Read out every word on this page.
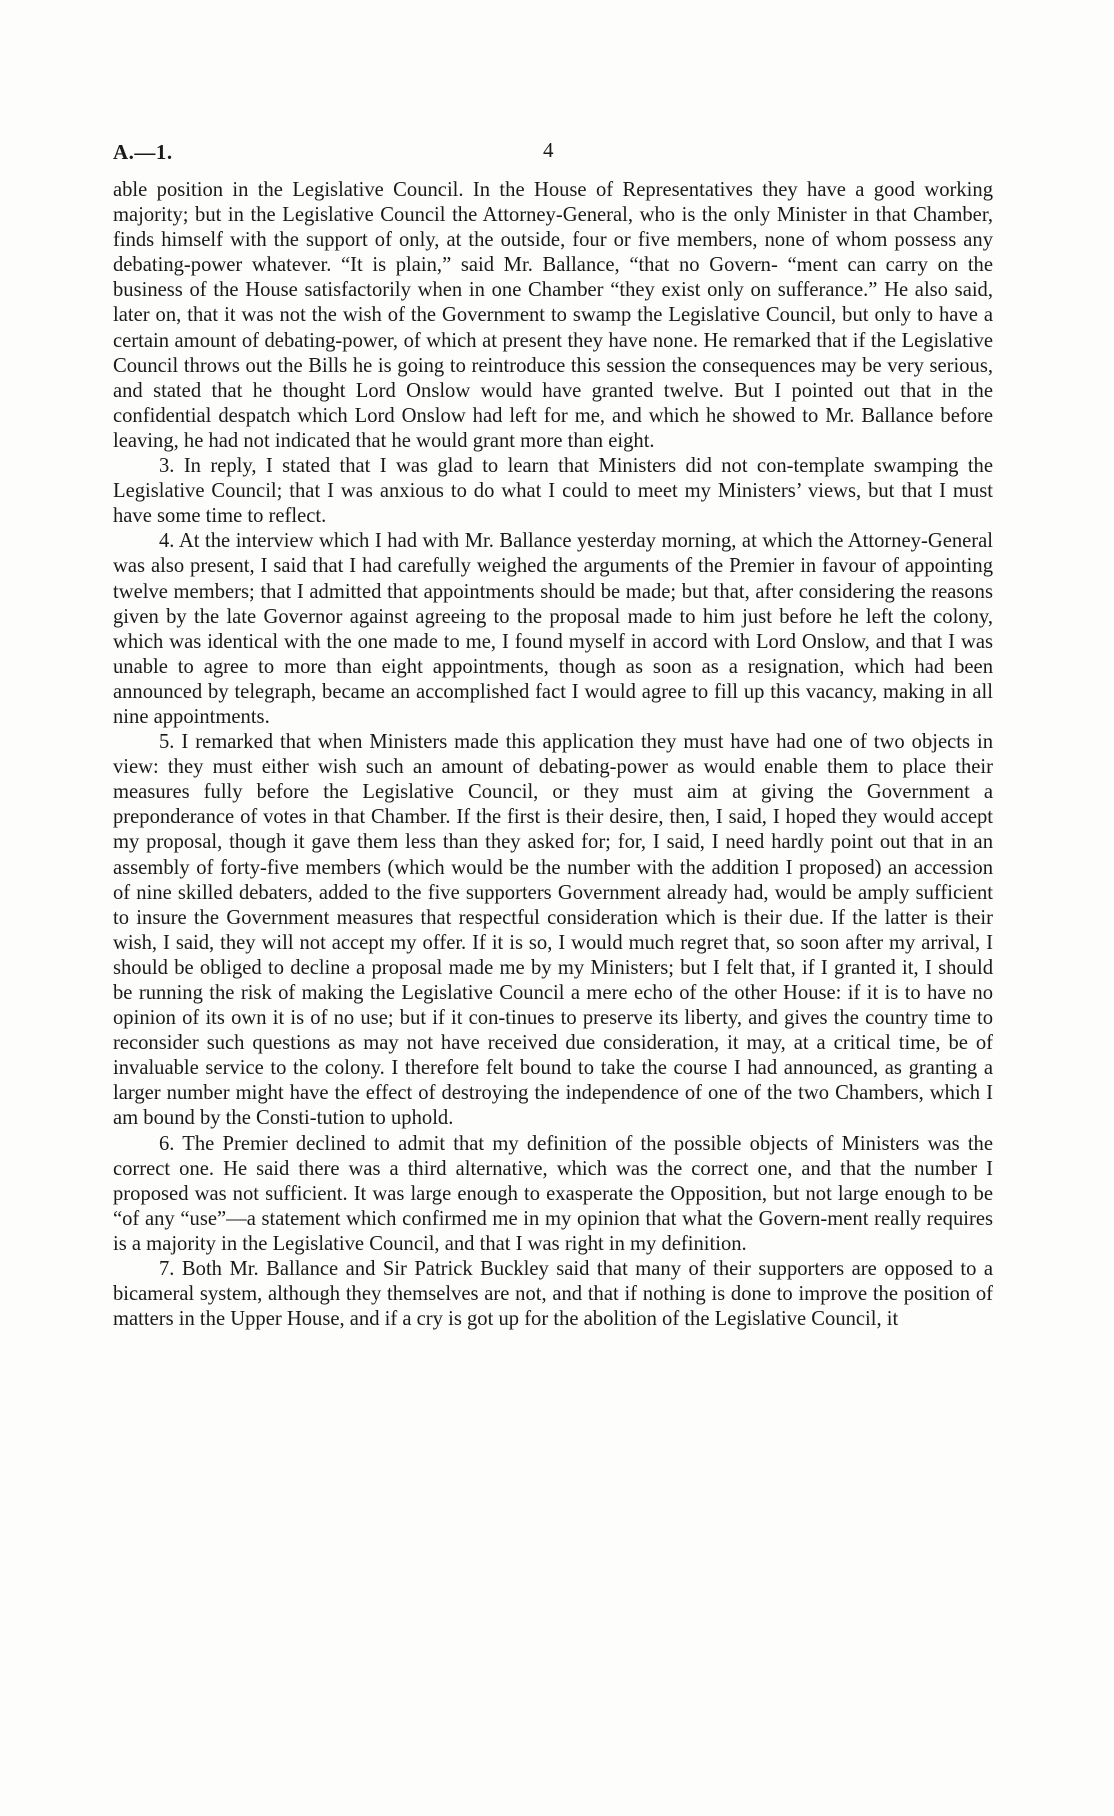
A.—1.	4

able position in the Legislative Council. In the House of Representatives they have a good working majority; but in the Legislative Council the Attorney-General, who is the only Minister in that Chamber, finds himself with the support of only, at the outside, four or five members, none of whom possess any debating-power whatever. “It is plain,” said Mr. Ballance, “that no Govern- “ment can carry on the business of the House satisfactorily when in one Chamber “they exist only on sufferance.” He also said, later on, that it was not the wish of the Government to swamp the Legislative Council, but only to have a certain amount of debating-power, of which at present they have none. He remarked that if the Legislative Council throws out the Bills he is going to reintroduce this session the consequences may be very serious, and stated that he thought Lord Onslow would have granted twelve. But I pointed out that in the confidential despatch which Lord Onslow had left for me, and which he showed to Mr. Ballance before leaving, he had not indicated that he would grant more than eight.

3. In reply, I stated that I was glad to learn that Ministers did not con-template swamping the Legislative Council; that I was anxious to do what I could to meet my Ministers’ views, but that I must have some time to reflect.

4. At the interview which I had with Mr. Ballance yesterday morning, at which the Attorney-General was also present, I said that I had carefully weighed the arguments of the Premier in favour of appointing twelve members; that I admitted that appointments should be made; but that, after considering the reasons given by the late Governor against agreeing to the proposal made to him just before he left the colony, which was identical with the one made to me, I found myself in accord with Lord Onslow, and that I was unable to agree to more than eight appointments, though as soon as a resignation, which had been announced by telegraph, became an accomplished fact I would agree to fill up this vacancy, making in all nine appointments.

5. I remarked that when Ministers made this application they must have had one of two objects in view: they must either wish such an amount of debating-power as would enable them to place their measures fully before the Legislative Council, or they must aim at giving the Government a preponderance of votes in that Chamber. If the first is their desire, then, I said, I hoped they would accept my proposal, though it gave them less than they asked for; for, I said, I need hardly point out that in an assembly of forty-five members (which would be the number with the addition I proposed) an accession of nine skilled debaters, added to the five supporters Government already had, would be amply sufficient to insure the Government measures that respectful consideration which is their due. If the latter is their wish, I said, they will not accept my offer. If it is so, I would much regret that, so soon after my arrival, I should be obliged to decline a proposal made me by my Ministers; but I felt that, if I granted it, I should be running the risk of making the Legislative Council a mere echo of the other House: if it is to have no opinion of its own it is of no use; but if it con-tinues to preserve its liberty, and gives the country time to reconsider such questions as may not have received due consideration, it may, at a critical time, be of invaluable service to the colony. I therefore felt bound to take the course I had announced, as granting a larger number might have the effect of destroying the independence of one of the two Chambers, which I am bound by the Consti-tution to uphold.

6. The Premier declined to admit that my definition of the possible objects of Ministers was the correct one. He said there was a third alternative, which was the correct one, and that the number I proposed was not sufficient. It was large enough to exasperate the Opposition, but not large enough to be “of any “use”—a statement which confirmed me in my opinion that what the Govern-ment really requires is a majority in the Legislative Council, and that I was right in my definition.

7. Both Mr. Ballance and Sir Patrick Buckley said that many of their supporters are opposed to a bicameral system, although they themselves are not, and that if nothing is done to improve the position of matters in the Upper House, and if a cry is got up for the abolition of the Legislative Council, it
